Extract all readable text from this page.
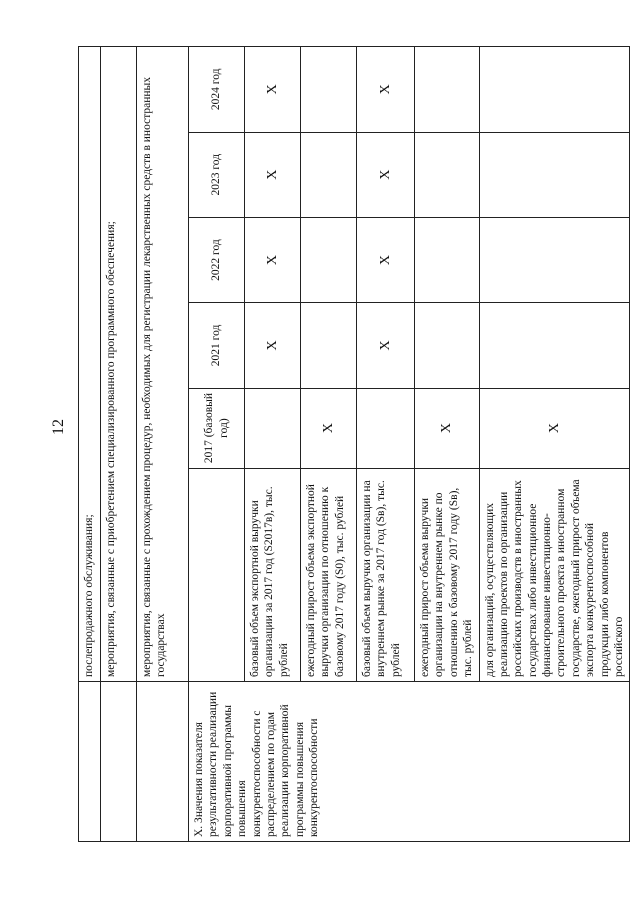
12
	послепродажного обслуживания;					
	мероприятия, связанные с приобретением специализированного программного обеспечения;					
	мероприятия, связанные с прохождением процедур, необходимых для регистрации лекарственных средств в иностранных государствах					
X. Значения показателя результативности реализации корпоративной программы повышения конкурентоспособности с распределением по годам реализации корпоративной программы повышения конкурентоспособности		2017 (базовый год)	2021 год	2022 год	2023 год	2024 год
	базовый объем экспортной выручки организации за 2017 год (S2017в), тыс. рублей		X	X	X	X
	ежегодный прирост объема экспортной выручки организации по отношению к базовому 2017 году (S0), тыс. рублей	X				
	базовый объем выручки организации на внутреннем рынке за 2017 год (Sв), тыс. рублей		X	X	X	X
	ежегодный прирост объема выручки организации на внутреннем рынке по отношению к базовому 2017 году (Sв), тыс. рублей	X				
	для организаций, осуществляющих реализацию проектов по организации российских производств в иностранных государствах либо инвестиционное финансирование инвестиционно-строительного проекта в иностранном государстве, ежегодный прирост объема экспорта конкурентоспособной продукции либо компонентов российского	X				
